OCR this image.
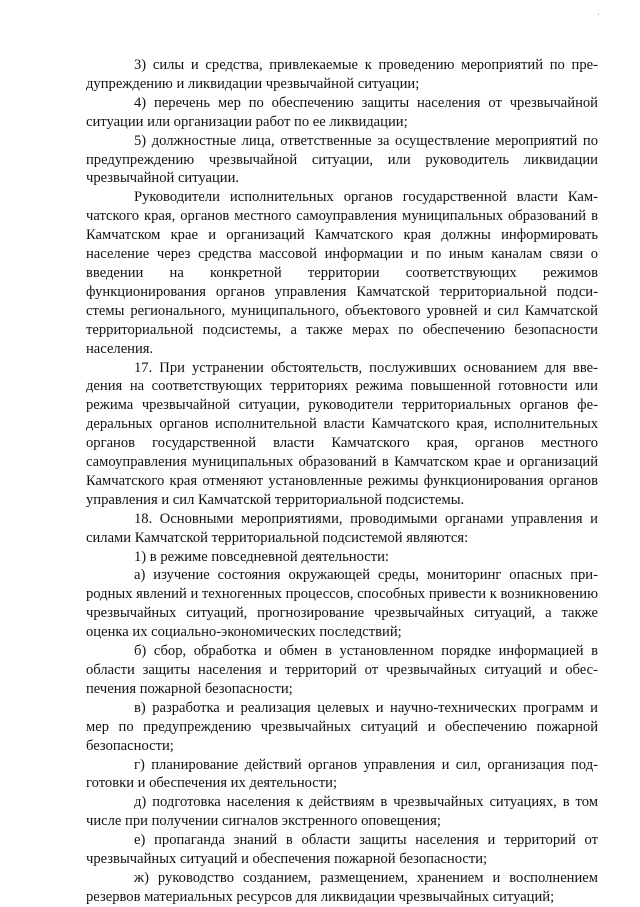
'

3) силы и средства, привлекаемые к проведению мероприятий по предупреждению и ликвидации чрезвычайной ситуации;

4) перечень мер по обеспечению защиты населения от чрезвычайной ситуации или организации работ по ее ликвидации;

5) должностные лица, ответственные за осуществление мероприятий по предупреждению чрезвычайной ситуации, или руководитель ликвидации чрезвычайной ситуации.

Руководители исполнительных органов государственной власти Камчатского края, органов местного самоуправления муниципальных образований в Камчатском крае и организаций Камчатского края должны информировать население через средства массовой информации и по иным каналам связи о введении на конкретной территории соответствующих режимов функционирования органов управления Камчатской территориальной подсистемы регионального, муниципального, объектового уровней и сил Камчатской территориальной подсистемы, а также мерах по обеспечению безопасности населения.

17. При устранении обстоятельств, послуживших основанием для введения на соответствующих территориях режима повышенной готовности или режима чрезвычайной ситуации, руководители территориальных органов федеральных органов исполнительной власти Камчатского края, исполнительных органов государственной власти Камчатского края, органов местного самоуправления муниципальных образований в Камчатском крае и организаций Камчатского края отменяют установленные режимы функционирования органов управления и сил Камчатской территориальной подсистемы.

18. Основными мероприятиями, проводимыми органами управления и силами Камчатской территориальной подсистемой являются:

1) в режиме повседневной деятельности:

а) изучение состояния окружающей среды, мониторинг опасных природных явлений и техногенных процессов, способных привести к возникновению чрезвычайных ситуаций, прогнозирование чрезвычайных ситуаций, а также оценка их социально-экономических последствий;

б) сбор, обработка и обмен в установленном порядке информацией в области защиты населения и территорий от чрезвычайных ситуаций и обеспечения пожарной безопасности;

в) разработка и реализация целевых и научно-технических программ и мер по предупреждению чрезвычайных ситуаций и обеспечению пожарной безопасности;

г) планирование действий органов управления и сил, организация подготовки и обеспечения их деятельности;

д) подготовка населения к действиям в чрезвычайных ситуациях, в том числе при получении сигналов экстренного оповещения;

е) пропаганда знаний в области защиты населения и территорий от чрезвычайных ситуаций и обеспечения пожарной безопасности;

ж) руководство созданием, размещением, хранением и восполнением резервов материальных ресурсов для ликвидации чрезвычайных ситуаций;
